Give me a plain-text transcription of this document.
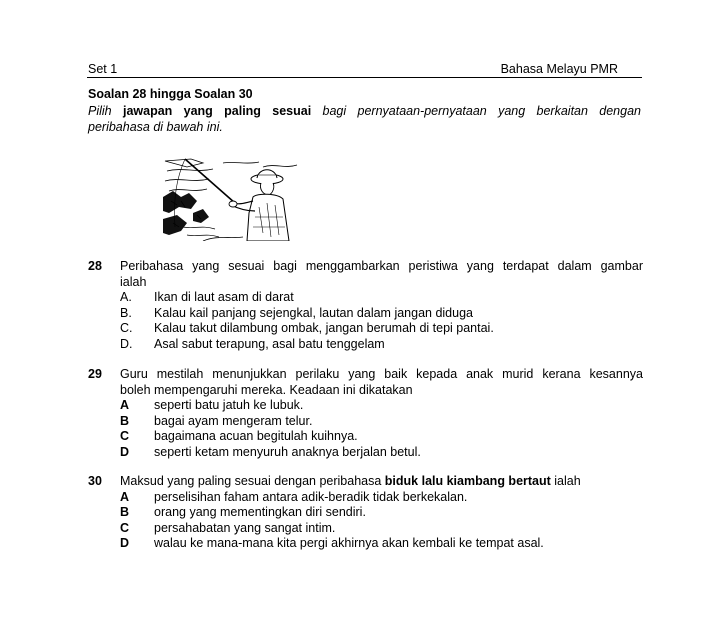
Set 1	Bahasa Melayu PMR
Soalan 28 hingga Soalan 30
Pilih jawapan yang paling sesuai bagi pernyataan-pernyataan yang berkaitan dengan
peribahasa di bawah ini.
28 Peribahasa yang sesuai bagi menggambarkan peristiwa yang terdapat dalam gambar
ialah
A. Ikan di laut asam di darat
B. Kalau kail panjang sejengkal, lautan dalam jangan diduga
C. Kalau takut dilambung ombak, jangan berumah di tepi pantai.
D. Asal sabut terapung, asal batu tenggelam
29 Guru mestilah menunjukkan perilaku yang baik kepada anak murid kerana kesannya
boleh mempengaruhi mereka. Keadaan ini dikatakan
A seperti batu jatuh ke lubuk.
B bagai ayam mengeram telur.
C bagaimana acuan begitulah kuihnya.
D seperti ketam menyuruh anaknya berjalan betul.
30 Maksud yang paling sesuai dengan peribahasa biduk lalu kiambang bertaut ialah
A perselisihan faham antara adik-beradik tidak berkekalan.
B orang yang mementingkan diri sendiri.
C persahabatan yang sangat intim.
D walau ke mana-mana kita pergi akhirnya akan kembali ke tempat asal.
